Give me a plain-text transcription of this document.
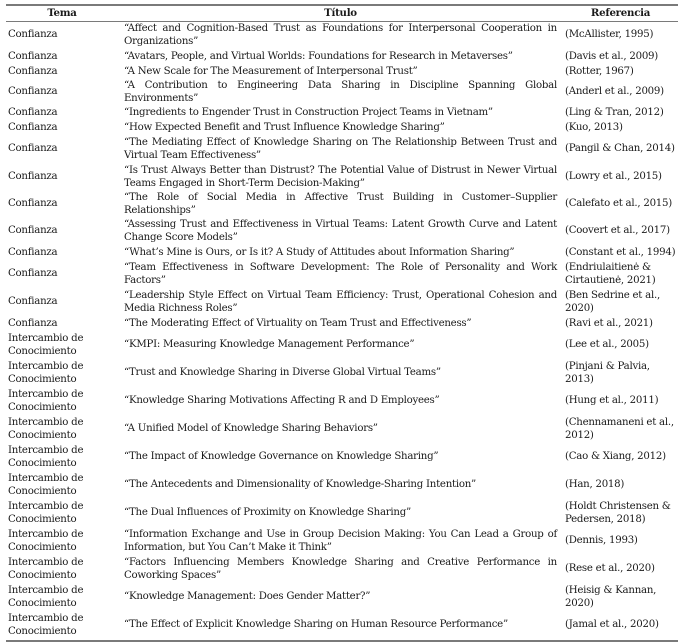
Tema	Título	Referencia
Confianza	“Affect and Cognition-Based Trust as Foundations for Interpersonal Cooperation in Organizations”	(McAllister, 1995)
Confianza	“Avatars, People, and Virtual Worlds: Foundations for Research in Metaverses”	(Davis et al., 2009)
Confianza	“A New Scale for The Measurement of Interpersonal Trust”	(Rotter, 1967)
Confianza	“A Contribution to Engineering Data Sharing in Discipline Spanning Global Environments”	(Anderl et al., 2009)
Confianza	“Ingredients to Engender Trust in Construction Project Teams in Vietnam”	(Ling & Tran, 2012)
Confianza	“How Expected Benefit and Trust Influence Knowledge Sharing”	(Kuo, 2013)
Confianza	“The Mediating Effect of Knowledge Sharing on The Relationship Between Trust and Virtual Team Effectiveness”	(Pangil & Chan, 2014)
Confianza	“Is Trust Always Better than Distrust? The Potential Value of Distrust in Newer Virtual Teams Engaged in Short-Term Decision-Making”	(Lowry et al., 2015)
Confianza	“The Role of Social Media in Affective Trust Building in Customer–Supplier Relationships”	(Calefato et al., 2015)
Confianza	“Assessing Trust and Effectiveness in Virtual Teams: Latent Growth Curve and Latent Change Score Models”	(Coovert et al., 2017)
Confianza	“What’s Mine is Ours, or Is it? A Study of Attitudes about Information Sharing”	(Constant et al., 1994)
Confianza	“Team Effectiveness in Software Development: The Role of Personality and Work Factors”	(Endriulaitienė & Cirtautienė, 2021)
Confianza	“Leadership Style Effect on Virtual Team Efficiency: Trust, Operational Cohesion and Media Richness Roles”	(Ben Sedrine et al., 2020)
Confianza	“The Moderating Effect of Virtuality on Team Trust and Effectiveness”	(Ravi et al., 2021)
Intercambio de Conocimiento	“KMPI: Measuring Knowledge Management Performance”	(Lee et al., 2005)
Intercambio de Conocimiento	“Trust and Knowledge Sharing in Diverse Global Virtual Teams”	(Pinjani & Palvia, 2013)
Intercambio de Conocimiento	“Knowledge Sharing Motivations Affecting R and D Employees”	(Hung et al., 2011)
Intercambio de Conocimiento	“A Unified Model of Knowledge Sharing Behaviors”	(Chennamaneni et al., 2012)
Intercambio de Conocimiento	“The Impact of Knowledge Governance on Knowledge Sharing”	(Cao & Xiang, 2012)
Intercambio de Conocimiento	“The Antecedents and Dimensionality of Knowledge-Sharing Intention”	(Han, 2018)
Intercambio de Conocimiento	“The Dual Influences of Proximity on Knowledge Sharing”	(Holdt Christensen & Pedersen, 2018)
Intercambio de Conocimiento	“Information Exchange and Use in Group Decision Making: You Can Lead a Group of Information, but You Can’t Make it Think”	(Dennis, 1993)
Intercambio de Conocimiento	“Factors Influencing Members Knowledge Sharing and Creative Performance in Coworking Spaces”	(Rese et al., 2020)
Intercambio de Conocimiento	“Knowledge Management: Does Gender Matter?”	(Heisig & Kannan, 2020)
Intercambio de Conocimiento	“The Effect of Explicit Knowledge Sharing on Human Resource Performance”	(Jamal et al., 2020)
